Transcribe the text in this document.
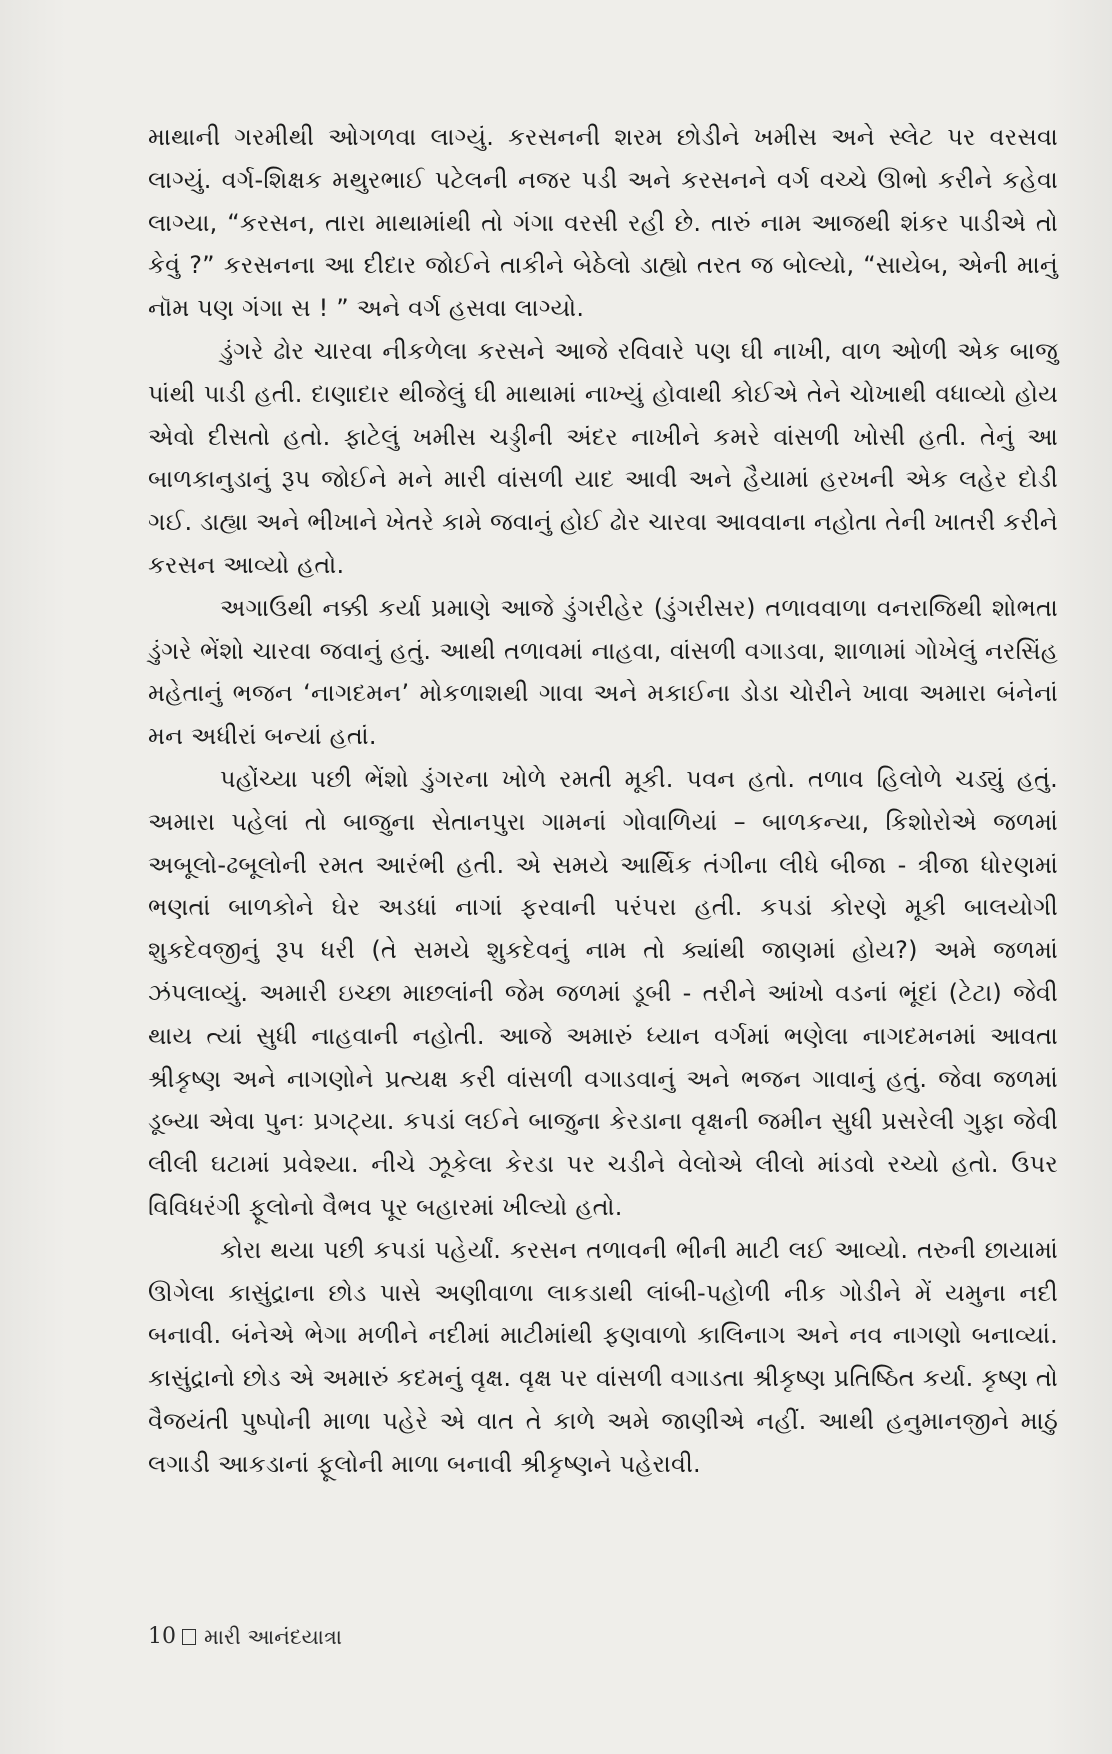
માથાની ગરમીથી ઓગળવા લાગ્યું. કરસનની શરમ છોડીને ખમીસ અને સ્લેટ પર વરસવા લાગ્યું. વર્ગ-શિક્ષક મથુરભાઈ પટેલની નજર પડી અને કરસનને વર્ગ વચ્ચે ઊભો કરીને કહેવા લાગ્યા, “કરસન, તારા માથામાંથી તો ગંગા વરસી રહી છે. તારું નામ આજથી શંકર પાડીએ તો કેવું ?” કરસનના આ દીદાર જોઈને તાકીને બેઠેલો ડાહ્યો તરત જ બોલ્યો, “સાયેબ, એની માનું નૉમ પણ ગંગા સ ! ” અને વર્ગ હસવા લાગ્યો.

ડુંગરે ઢોર ચારવા નીકળેલા કરસને આજે રવિવારે પણ ઘી નાખી, વાળ ઓળી એક બાજુ પાંથી પાડી હતી. દાણાદાર થીજેલું ઘી માથામાં નાખ્યું હોવાથી કોઈએ તેને ચોખાથી વધાવ્યો હોય એવો દીસતો હતો. ફાટેલું ખમીસ ચડ્ડીની અંદર નાખીને કમરે વાંસળી ખોસી હતી. તેનું આ બાળકાનુડાનું રૂપ જોઈને મને મારી વાંસળી યાદ આવી અને હૈયામાં હરખની એક લહેર દોડી ગઈ. ડાહ્યા અને ભીખાને ખેતરે કામે જવાનું હોઈ ઢોર ચારવા આવવાના નહોતા તેની ખાતરી કરીને કરસન આવ્યો હતો.

અગાઉથી નક્કી કર્યા પ્રમાણે આજે ડુંગરીહેર (ડુંગરીસર) તળાવવાળા વનરાજિથી શોભતા ડુંગરે ભેંશો ચારવા જવાનું હતું. આથી તળાવમાં નાહવા, વાંસળી વગાડવા, શાળામાં ગોખેલું નરસિંહ મહેતાનું ભજન ‘નાગદમન’ મોકળાશથી ગાવા અને મકાઈના ડોડા ચોરીને ખાવા અમારા બંનેનાં મન અધીરાં બન્યાં હતાં.

પહોંચ્યા પછી ભેંશો ડુંગરના ખોળે રમતી મૂકી. પવન હતો. તળાવ હિલોળે ચડ્યું હતું. અમારા પહેલાં તો બાજુના સેતાનપુરા ગામનાં ગોવાળિયાં – બાળકન્યા, કિશોરોએ જળમાં અબૂલો-ઢબૂલોની રમત આરંભી હતી. એ સમયે આર્થિક તંગીના લીધે બીજા - ત્રીજા ધોરણમાં ભણતાં બાળકોને ઘેર અડધાં નાગાં ફરવાની પરંપરા હતી. કપડાં કોરણે મૂકી બાલયોગી શુકદેવજીનું રૂપ ધરી (તે સમયે શુકદેવનું નામ તો ક્યાંથી જાણમાં હોય?) અમે જળમાં ઝંપલાવ્યું. અમારી ઇચ્છા માછલાંની જેમ જળમાં ડૂબી - તરીને આંખો વડનાં ભૂંદાં (ટેટા) જેવી થાય ત્યાં સુધી નાહવાની નહોતી. આજે અમારું ધ્યાન વર્ગમાં ભણેલા નાગદમનમાં આવતા શ્રીકૃષ્ણ અને નાગણોને પ્રત્યક્ષ કરી વાંસળી વગાડવાનું અને ભજન ગાવાનું હતું. જેવા જળમાં ડૂબ્યા એવા પુનઃ પ્રગટ્યા. કપડાં લઈને બાજુના કેરડાના વૃક્ષની જમીન સુધી પ્રસરેલી ગુફા જેવી લીલી ઘટામાં પ્રવેશ્યા. નીચે ઝૂકેલા કેરડા પર ચડીને વેલોએ લીલો માંડવો રચ્યો હતો. ઉપર વિવિધરંગી ફૂલોનો વૈભવ પૂર બહારમાં ખીલ્યો હતો.

કોરા થયા પછી કપડાં પહેર્યાં. કરસન તળાવની ભીની માટી લઈ આવ્યો. તરુની છાયામાં ઊગેલા કાસુંદ્રાના છોડ પાસે અણીવાળા લાકડાથી લાંબી-પહોળી નીક ગોડીને મેં યમુના નદી બનાવી. બંનેએ ભેગા મળીને નદીમાં માટીમાંથી ફણવાળો કાલિનાગ અને નવ નાગણો બનાવ્યાં. કાસુંદ્રાનો છોડ એ અમારું કદમનું વૃક્ષ. વૃક્ષ પર વાંસળી વગાડતા શ્રીકૃષ્ણ પ્રતિષ્ઠિત કર્યા. કૃષ્ણ તો વૈજયંતી પુષ્પોની માળા પહેરે એ વાત તે કાળે અમે જાણીએ નહીં. આથી હનુમાનજીને માઠું લગાડી આકડાનાં ફૂલોની માળા બનાવી શ્રીકૃષ્ણને પહેરાવી.

10 મારી આનંદયાત્રા
